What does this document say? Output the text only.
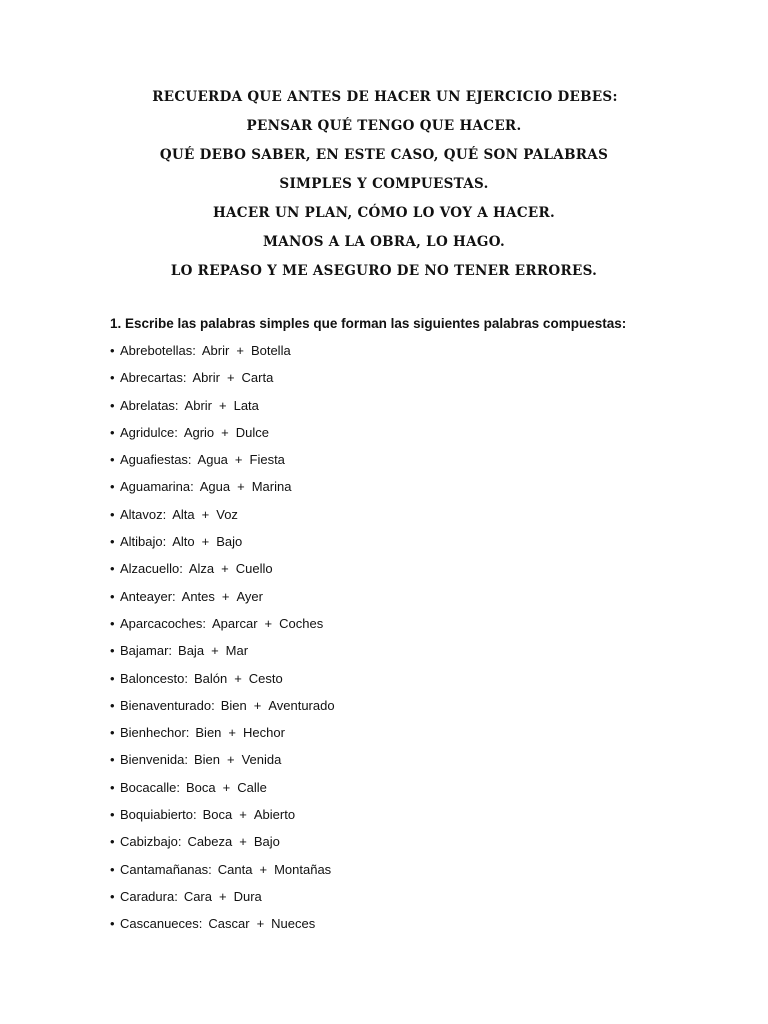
RECUERDA QUE ANTES DE HACER UN EJERCICIO DEBES:
PENSAR QUÉ TENGO QUE HACER.
QUÉ DEBO SABER, EN ESTE CASO, QUÉ SON PALABRAS
SIMPLES Y COMPUESTAS.
HACER UN PLAN, CÓMO LO VOY A HACER.
MANOS A LA OBRA, LO HAGO.
LO REPASO Y ME ASEGURO DE NO TENER ERRORES.
1. Escribe las palabras simples que forman las siguientes palabras compuestas:
• Abrebotellas: Abrir + Botella
• Abrecartas: Abrir + Carta
• Abrelatas: Abrir + Lata
• Agridulce: Agrio + Dulce
• Aguafiestas: Agua + Fiesta
• Aguamarina: Agua + Marina
• Altavoz: Alta + Voz
• Altibajo: Alto + Bajo
• Alzacuello: Alza + Cuello
• Anteayer: Antes + Ayer
• Aparcacoches: Aparcar + Coches
• Bajamar: Baja + Mar
• Baloncesto: Balón + Cesto
• Bienaventurado: Bien + Aventurado
• Bienhechor: Bien + Hechor
• Bienvenida: Bien + Venida
• Bocacalle: Boca + Calle
• Boquiabierto: Boca + Abierto
• Cabizbajo: Cabeza + Bajo
• Cantamañanas: Canta + Montañas
• Caradura: Cara + Dura
• Cascanueces: Cascar + Nueces
